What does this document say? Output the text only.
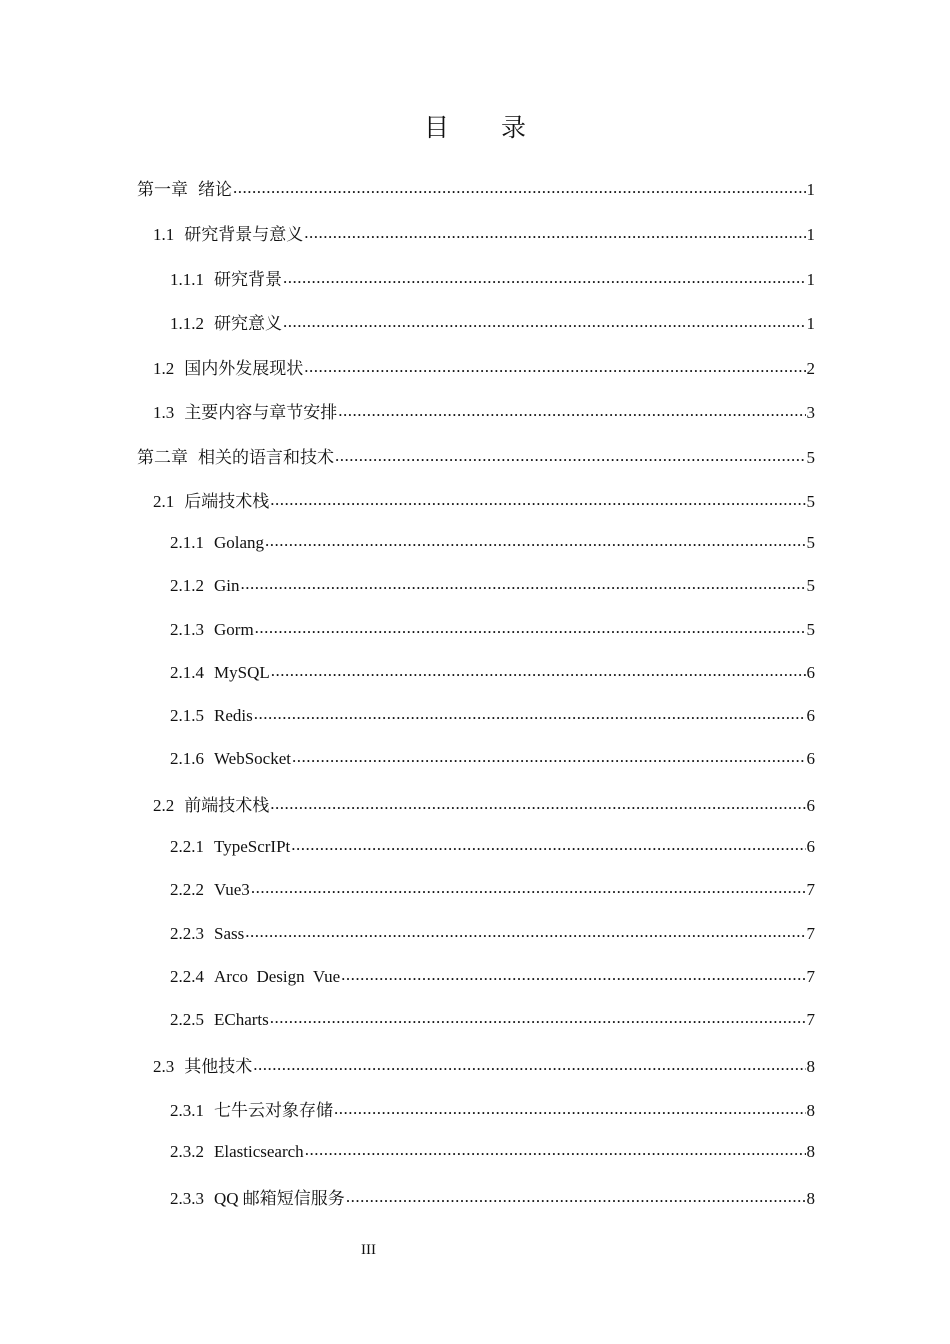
目 录
第一章 绪论 .....	1
1.1 研究背景与意义 .....	1
1.1.1 研究背景 .....	1
1.1.2 研究意义 .....	1
1.2 国内外发展现状 .....	2
1.3 主要内容与章节安排 .....	3
第二章 相关的语言和技术 .....	5
2.1 后端技术栈 .....	5
2.1.1 Golang .....	5
2.1.2 Gin .....	5
2.1.3 Gorm .....	5
2.1.4 MySQL .....	6
2.1.5 Redis .....	6
2.1.6 WebSocket .....	6
2.2 前端技术栈 .....	6
2.2.1 TypeScrIPt .....	6
2.2.2 Vue3 .....	7
2.2.3 Sass .....	7
2.2.4 Arco  Design  Vue .....	7
2.2.5 ECharts .....	7
2.3 其他技术 .....	8
2.3.1 七牛云对象存储 .....	8
2.3.2 Elasticsearch .....	8
2.3.3 QQ 邮箱短信服务 .....	8
III
